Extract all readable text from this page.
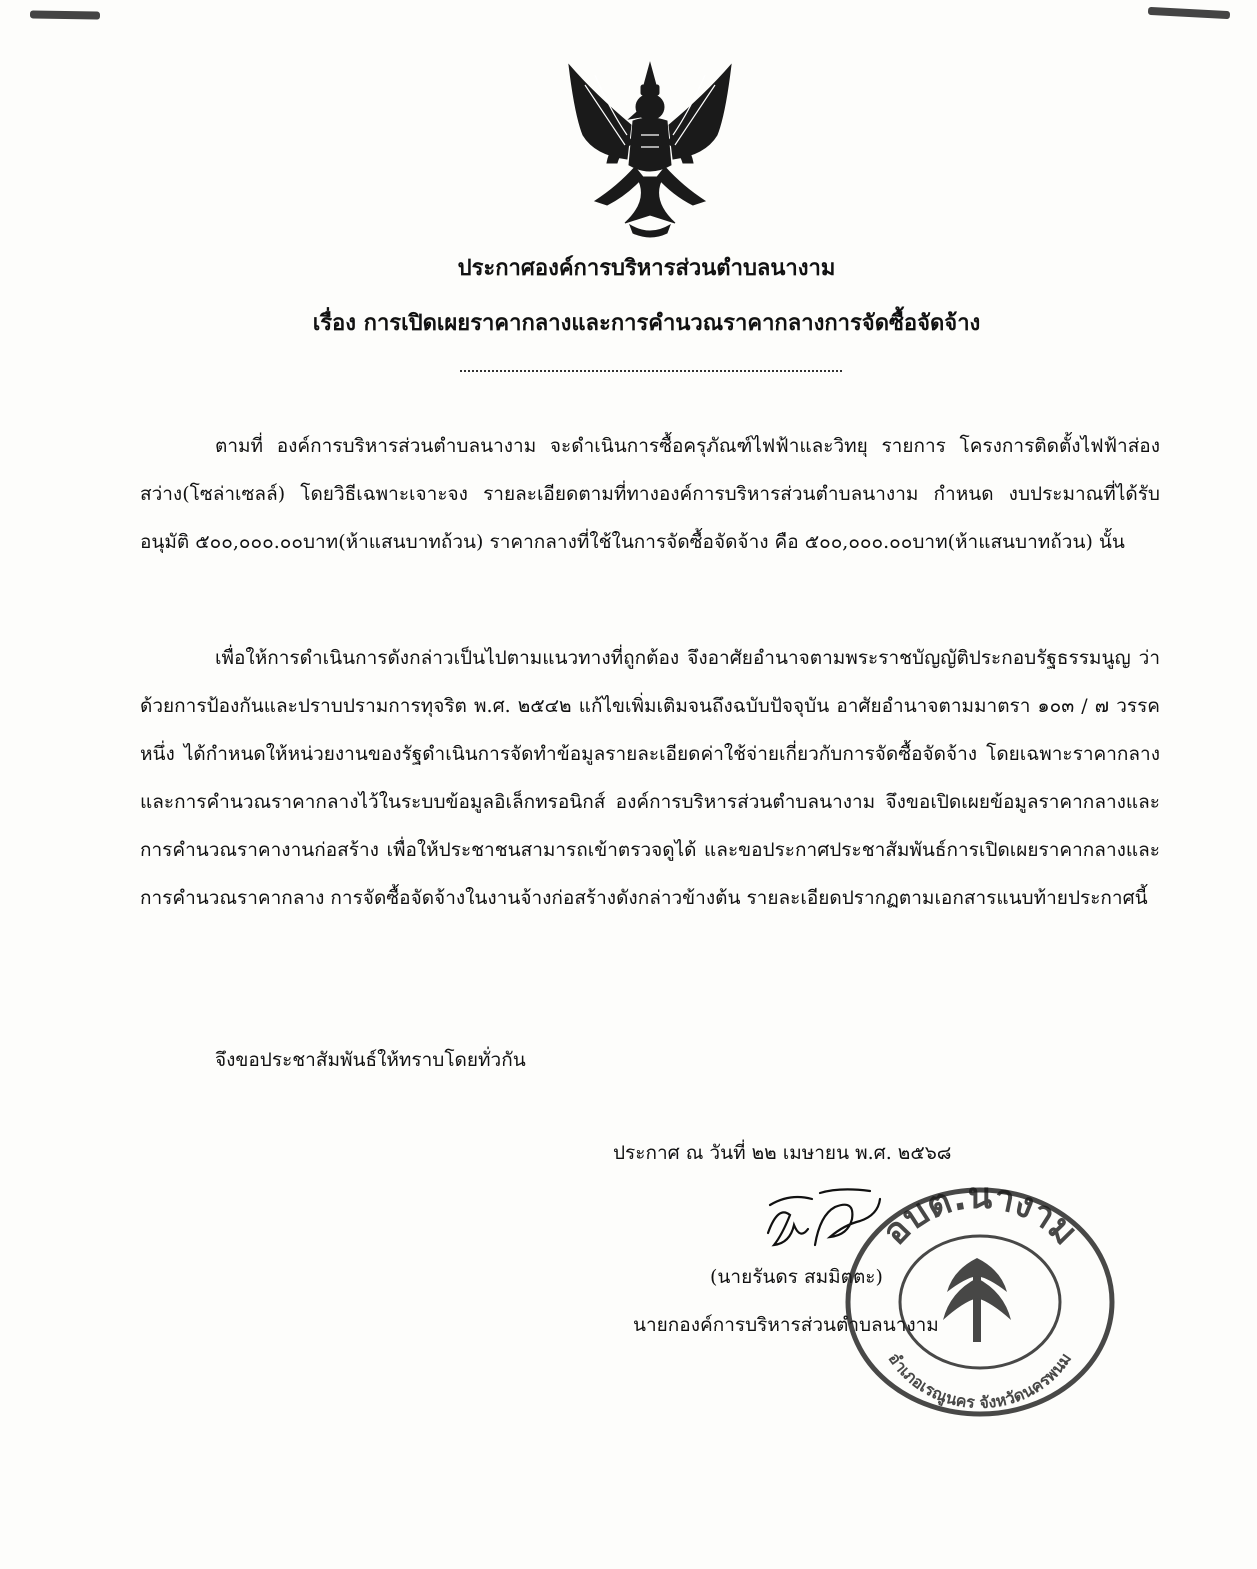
ประกาศองค์การบริหารส่วนตำบลนางาม
เรื่อง การเปิดเผยราคากลางและการคำนวณราคากลางการจัดซื้อจัดจ้าง

ตามที่ องค์การบริหารส่วนตำบลนางาม จะดำเนินการซื้อครุภัณฑ์ไฟฟ้าและวิทยุ รายการ โครงการติดตั้งไฟฟ้าส่องสว่าง(โซล่าเซลล์) โดยวิธีเฉพาะเจาะจง รายละเอียดตามที่ทางองค์การบริหารส่วนตำบลนางาม กำหนด งบประมาณที่ได้รับอนุมัติ ๕๐๐,๐๐๐.๐๐บาท(ห้าแสนบาทถ้วน) ราคากลางที่ใช้ในการจัดซื้อจัดจ้าง คือ ๕๐๐,๐๐๐.๐๐บาท(ห้าแสนบาทถ้วน) นั้น

เพื่อให้การดำเนินการดังกล่าวเป็นไปตามแนวทางที่ถูกต้อง จึงอาศัยอำนาจตามพระราชบัญญัติประกอบรัฐธรรมนูญ ว่าด้วยการป้องกันและปราบปรามการทุจริต พ.ศ. ๒๕๔๒ แก้ไขเพิ่มเติมจนถึงฉบับปัจจุบัน อาศัยอำนาจตามมาตรา ๑๐๓ / ๗ วรรคหนึ่ง ได้กำหนดให้หน่วยงานของรัฐดำเนินการจัดทำข้อมูลรายละเอียดค่าใช้จ่ายเกี่ยวกับการจัดซื้อจัดจ้าง โดยเฉพาะราคากลางและการคำนวณราคากลางไว้ในระบบข้อมูลอิเล็กทรอนิกส์ องค์การบริหารส่วนตำบลนางาม จึงขอเปิดเผยข้อมูลราคากลางและการคำนวณราคางานก่อสร้าง เพื่อให้ประชาชนสามารถเข้าตรวจดูได้ และขอประกาศประชาสัมพันธ์การเปิดเผยราคากลางและการคำนวณราคากลาง การจัดซื้อจัดจ้างในงานจ้างก่อสร้างดังกล่าวข้างต้น รายละเอียดปรากฏตามเอกสารแนบท้ายประกาศนี้

จึงขอประชาสัมพันธ์ให้ทราบโดยทั่วกัน

ประกาศ ณ วันที่ ๒๒ เมษายน พ.ศ. ๒๕๖๘
(นายรันดร สมมิตตะ)
นายกองค์การบริหารส่วนตำบลนางาม
อบต.นางาม
อำเภอเรณูนคร จังหวัดนครพนม
